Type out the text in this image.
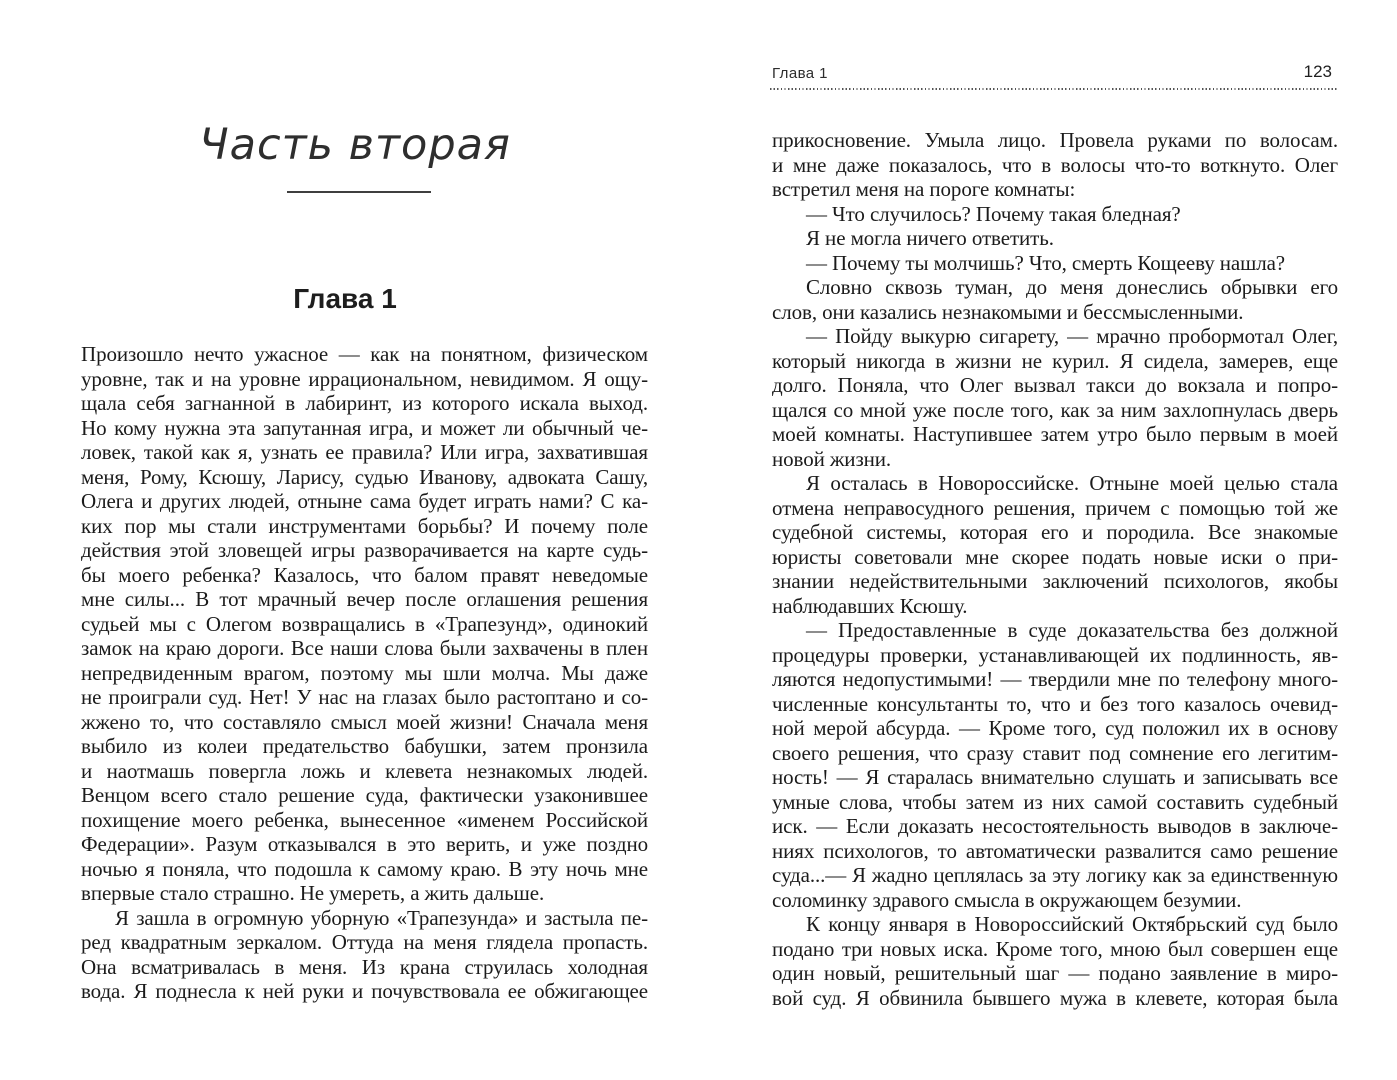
Часть вторая
Глава 1
Произошло нечто ужасное — как на понятном, физическом
уровне, так и на уровне иррациональном, невидимом. Я ощу-
щала себя загнанной в лабиринт, из которого искала выход.
Но кому нужна эта запутанная игра, и может ли обычный че-
ловек, такой как я, узнать ее правила? Или игра, захватившая
меня, Рому, Ксюшу, Ларису, судью Иванову, адвоката Сашу,
Олега и других людей, отныне сама будет играть нами? С ка-
ких пор мы стали инструментами борьбы? И почему поле
действия этой зловещей игры разворачивается на карте судь-
бы моего ребенка? Казалось, что балом правят неведомые
мне силы... В тот мрачный вечер после оглашения решения
судьей мы с Олегом возвращались в «Трапезунд», одинокий
замок на краю дороги. Все наши слова были захвачены в плен
непредвиденным врагом, поэтому мы шли молча. Мы даже
не проиграли суд. Нет! У нас на глазах было растоптано и со-
жжено то, что составляло смысл моей жизни! Сначала меня
выбило из колеи предательство бабушки, затем пронзила
и наотмашь повергла ложь и клевета незнакомых людей.
Венцом всего стало решение суда, фактически узаконившее
похищение моего ребенка, вынесенное «именем Российской
Федерации». Разум отказывался в это верить, и уже поздно
ночью я поняла, что подошла к самому краю. В эту ночь мне
впервые стало страшно. Не умереть, а жить дальше.
Я зашла в огромную уборную «Трапезунда» и застыла пе-
ред квадратным зеркалом. Оттуда на меня глядела пропасть.
Она всматривалась в меня. Из крана струилась холодная
вода. Я поднесла к ней руки и почувствовала ее обжигающее
Глава 1	123
прикосновение. Умыла лицо. Провела руками по волосам.
и мне даже показалось, что в волосы что-то воткнуто. Олег
встретил меня на пороге комнаты:
— Что случилось? Почему такая бледная?
Я не могла ничего ответить.
— Почему ты молчишь? Что, смерть Кощееву нашла?
Словно сквозь туман, до меня донеслись обрывки его
слов, они казались незнакомыми и бессмысленными.
— Пойду выкурю сигарету, — мрачно пробормотал Олег,
который никогда в жизни не курил. Я сидела, замерев, еще
долго. Поняла, что Олег вызвал такси до вокзала и попро-
щался со мной уже после того, как за ним захлопнулась дверь
моей комнаты. Наступившее затем утро было первым в моей
новой жизни.
Я осталась в Новороссийске. Отныне моей целью стала
отмена неправосудного решения, причем с помощью той же
судебной системы, которая его и породила. Все знакомые
юристы советовали мне скорее подать новые иски о при-
знании недействительными заключений психологов, якобы
наблюдавших Ксюшу.
— Предоставленные в суде доказательства без должной
процедуры проверки, устанавливающей их подлинность, яв-
ляются недопустимыми! — твердили мне по телефону много-
численные консультанты то, что и без того казалось очевид-
ной мерой абсурда. — Кроме того, суд положил их в основу
своего решения, что сразу ставит под сомнение его легитим-
ность! — Я старалась внимательно слушать и записывать все
умные слова, чтобы затем из них самой составить судебный
иск. — Если доказать несостоятельность выводов в заключе-
ниях психологов, то автоматически развалится само решение
суда...— Я жадно цеплялась за эту логику как за единственную
соломинку здравого смысла в окружающем безумии.
К концу января в Новороссийский Октябрьский суд было
подано три новых иска. Кроме того, мною был совершен еще
один новый, решительный шаг — подано заявление в миро-
вой суд. Я обвинила бывшего мужа в клевете, которая была
